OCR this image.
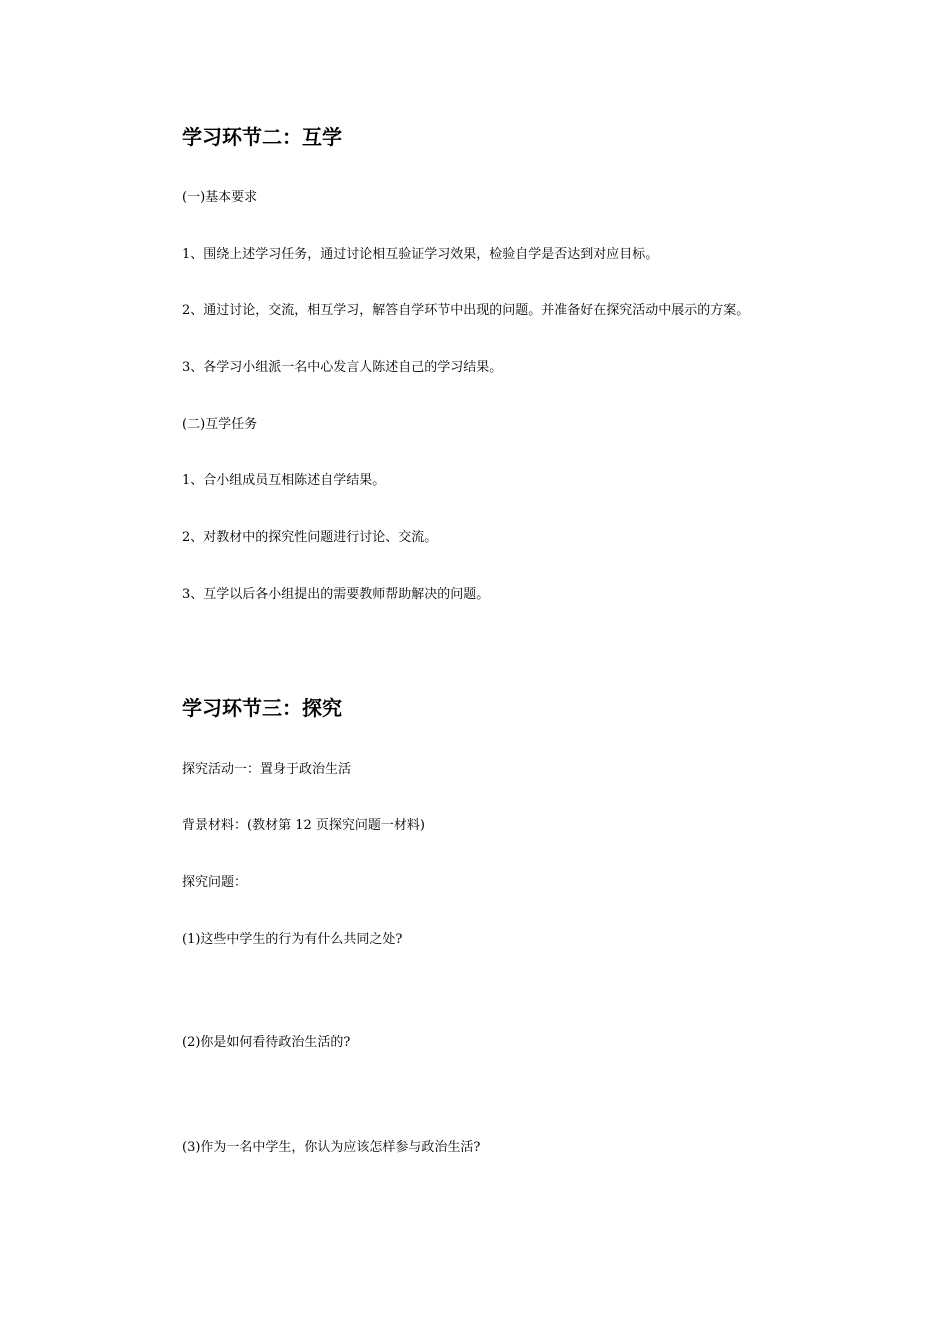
学习环节二：互学
(一)基本要求
1、围绕上述学习任务，通过讨论相互验证学习效果，检验自学是否达到对应目标。
2、通过讨论，交流，相互学习，解答自学环节中出现的问题。并准备好在探究活动中展示的方案。
3、各学习小组派一名中心发言人陈述自己的学习结果。
(二)互学任务
1、合小组成员互相陈述自学结果。
2、对教材中的探究性问题进行讨论、交流。
3、互学以后各小组提出的需要教师帮助解决的问题。
学习环节三：探究
探究活动一：置身于政治生活
背景材料：(教材第 12 页探究问题一材料)
探究问题：
(1)这些中学生的行为有什么共同之处?
(2)你是如何看待政治生活的?
(3)作为一名中学生，你认为应该怎样参与政治生活?
